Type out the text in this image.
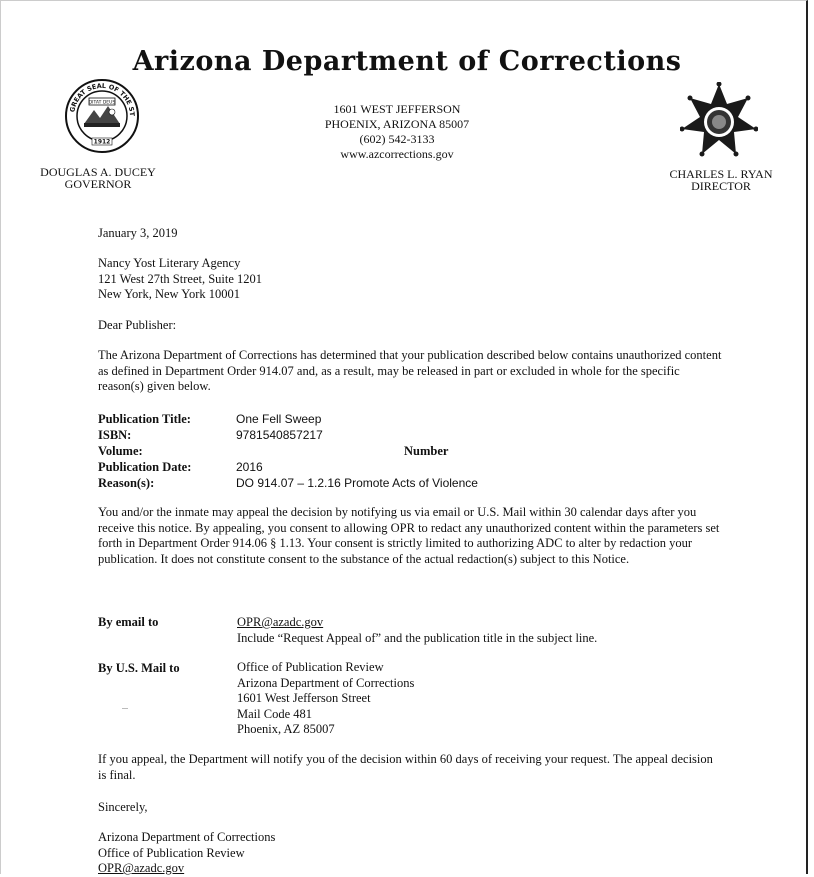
Arizona Department of Corrections
GREAT SEAL OF THE ST
DITAT DEUS
1912
1601 WEST JEFFERSON
PHOENIX, ARIZONA 85007
(602) 542-3133
www.azcorrections.gov
DOUGLAS A. DUCEY
GOVERNOR
CHARLES L. RYAN
DIRECTOR
January 3, 2019
Nancy Yost Literary Agency
121 West 27th Street, Suite 1201
New York, New York 10001
Dear Publisher:
The Arizona Department of Corrections has determined that your publication described below contains unauthorized content as defined in Department Order 914.07 and, as a result, may be released in part or excluded in whole for the specific reason(s) given below.
Publication Title:	One Fell Sweep
ISBN:	9781540857217
Volume:	Number
Publication Date:	2016
Reason(s):	DO 914.07 – 1.2.16 Promote Acts of Violence
You and/or the inmate may appeal the decision by notifying us via email or U.S. Mail within 30 calendar days after you receive this notice. By appealing, you consent to allowing OPR to redact any unauthorized content within the parameters set forth in Department Order 914.06 § 1.13. Your consent is strictly limited to authorizing ADC to alter by redaction your publication. It does not constitute consent to the substance of the actual redaction(s) subject to this Notice.
By email to	OPR@azadc.gov
Include “Request Appeal of” and the publication title in the subject line.
By U.S. Mail to	Office of Publication Review
Arizona Department of Corrections
1601 West Jefferson Street
Mail Code 481
Phoenix, AZ 85007
If you appeal, the Department will notify you of the decision within 60 days of receiving your request. The appeal decision is final.
Sincerely,
Arizona Department of Corrections
Office of Publication Review
OPR@azadc.gov
